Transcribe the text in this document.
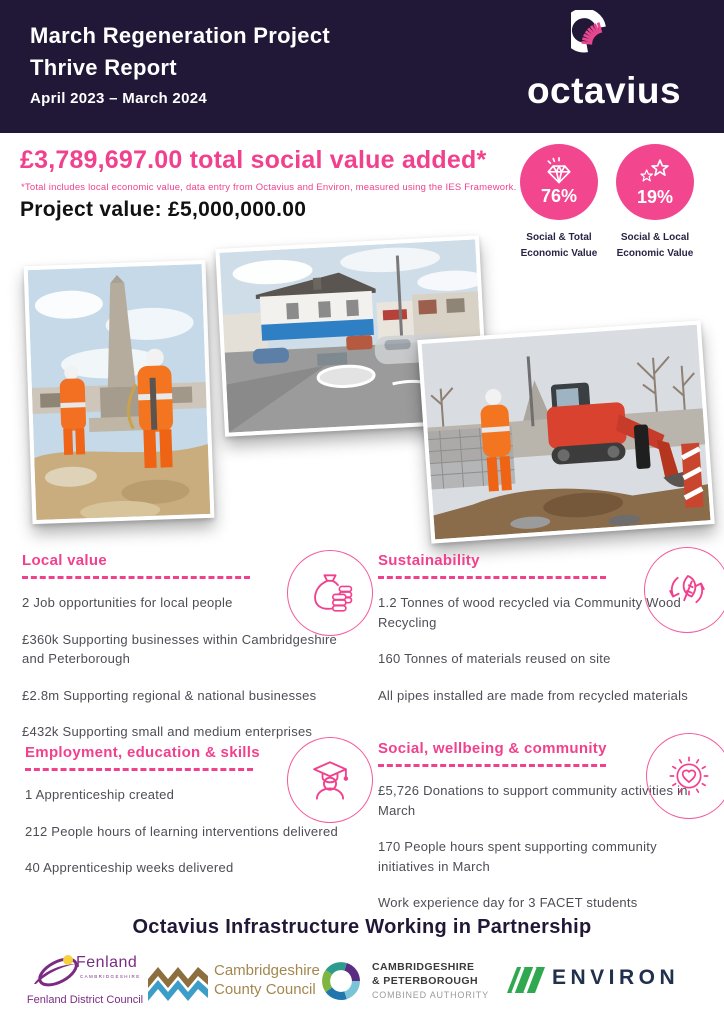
March Regeneration Project
Thrive Report
April 2023 – March 2024	octavius
£3,789,697.00 total social value added*
*Total includes local economic value, data entry from Octavius and Environ, measured using the IES Framework.
Project value: £5,000,000.00
76%
Social & Total
Economic Value
19%
Social & Local
Economic Value
Local value

2 Job opportunities for local people

£360k Supporting businesses within Cambridgeshire and Peterborough

£2.8m Supporting regional & national businesses

£432k Supporting small and medium enterprises

Sustainability

1.2 Tonnes of wood recycled via Community Wood Recycling

160 Tonnes of materials reused on site

All pipes installed are made from recycled materials

Employment, education & skills

1 Apprenticeship created

212 People hours of learning interventions delivered

40 Apprenticeship weeks delivered

Social, wellbeing & community

£5,726 Donations to support community activities in March

170 People hours spent supporting community initiatives in March

Work experience day for 3 FACET students

Octavius Infrastructure Working in Partnership
Fenland
CAMBRIDGESHIRE
Fenland District Council
Cambridgeshire
County Council
CAMBRIDGESHIRE
& PETERBOROUGH
COMBINED AUTHORITY
ENVIRON
